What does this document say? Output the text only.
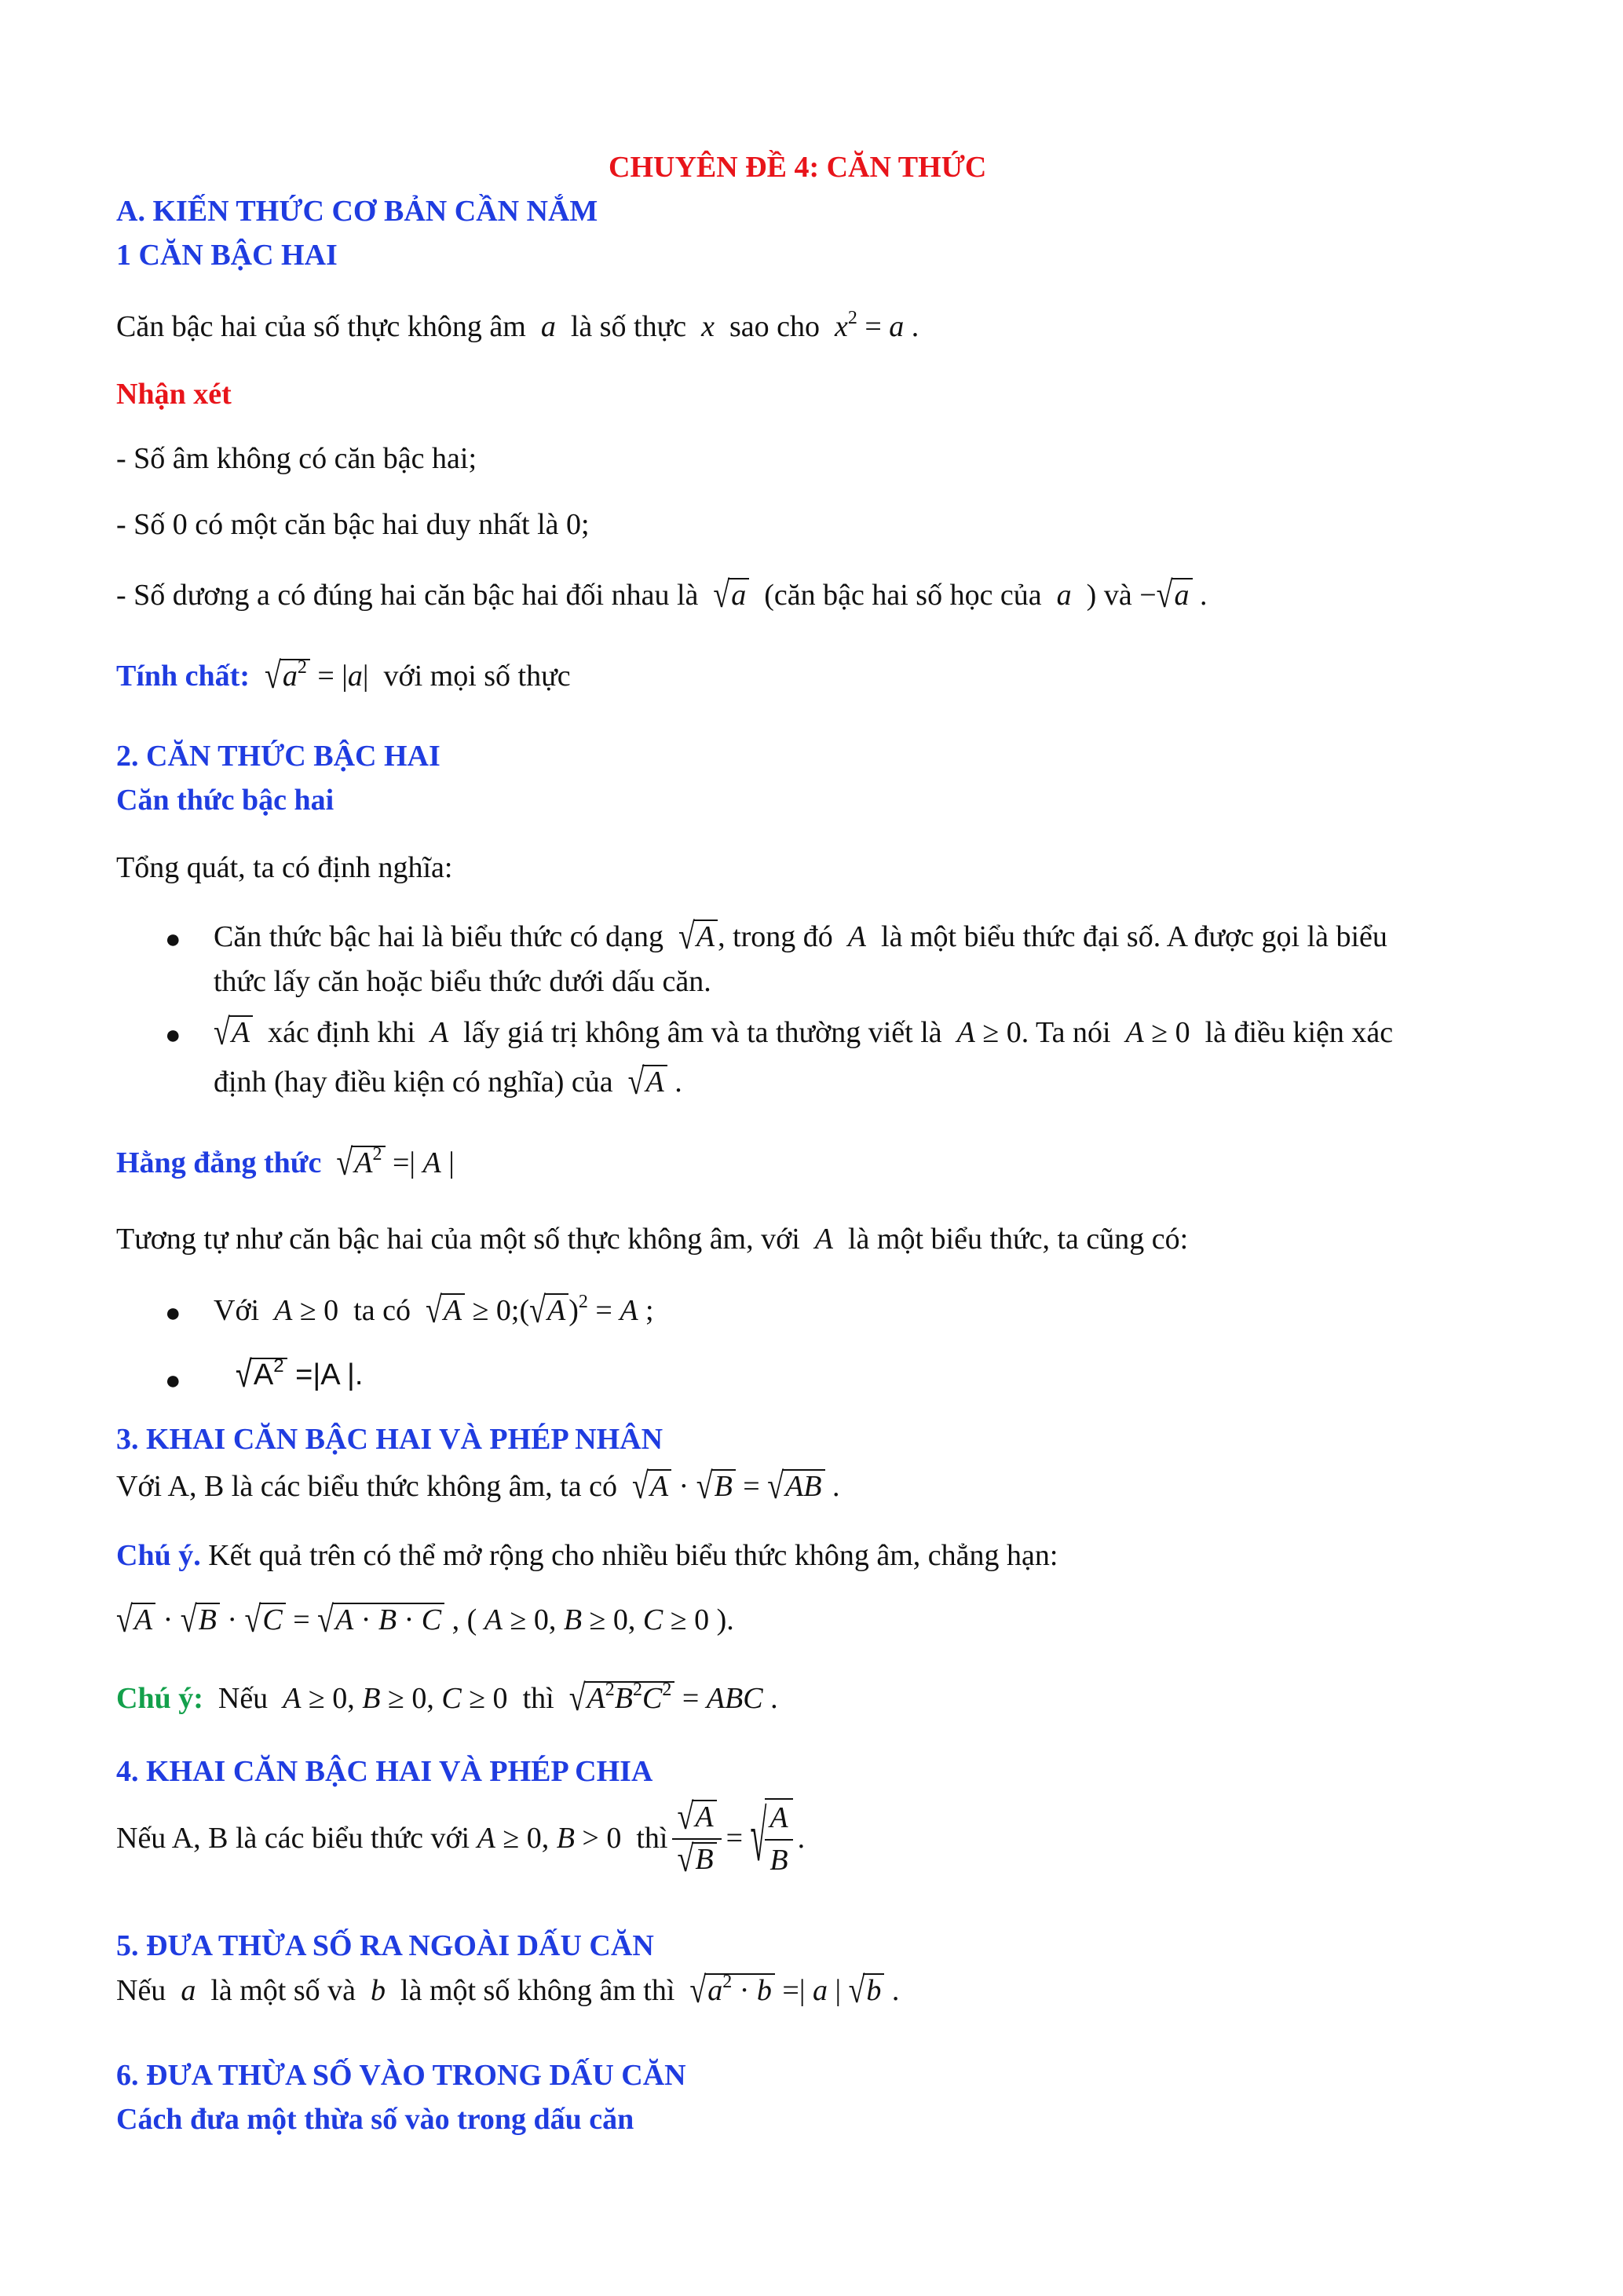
CHUYÊN ĐỀ 4: CĂN THỨC
A. KIẾN THỨC CƠ BẢN CẦN NẮM
1 CĂN BẬC HAI
Căn bậc hai của số thực không âm a là số thực x sao cho $x^2 = a$ .
Nhận xét
- Số âm không có căn bậc hai;
- Số 0 có một căn bậc hai duy nhất là 0;
- Số dương a có đúng hai căn bậc hai đối nhau là √a (căn bậc hai số học của a ) và −√a .
Tính chất: $√a^2 = |a|$  với mọi số thực
2. CĂN THỨC BẬC HAI
Căn thức bậc hai
Tổng quát, ta có định nghĩa:
● Căn thức bậc hai là biểu thức có dạng √A , trong đó A là một biểu thức đại số. A được gọi là biểu
thức lấy căn hoặc biểu thức dưới dấu căn.
● √A xác định khi A lấy giá trị không âm và ta thường viết là A ≥ 0. Ta nói A ≥ 0  là điều kiện xác
định (hay điều kiện có nghĩa) của √A .
Hằng đẳng thức $√A^2$ =| A |
Tương tự như căn bậc hai của một số thực không âm, với A là một biểu thức, ta cũng có:
● Với A ≥ 0  ta có √A ≥ 0;(√A )$^2$ = A ;
● $√A^2 =|A$ |.
3. KHAI CĂN BẬC HAI VÀ PHÉP NHÂN
Với A, B là các biểu thức không âm, ta có √A · √B = √AB .
Chú ý. Kết quả trên có thể mở rộng cho nhiều biểu thức không âm, chẳng hạn:
√A · √B · √C = √A · B · C , ( A ≥ 0, B ≥ 0, C ≥ 0 ).
Chú ý: Nếu A ≥ 0, B ≥ 0, C ≥ 0  thì $√A^2B^2C^2$ = ABC .
4. KHAI CĂN BẬC HAI VÀ PHÉP CHIA
Nếu A, B là các biểu thức với
A ≥ 0, B > 0 thì $\frac{√A}{√B}$ = √
$\frac{A}{B}$ .
5. ĐƯA THỪA SỐ RA NGOÀI DẤU CĂN
Nếu a là một số và b là một số không âm thì $√a^2 \cdot b$ =| a | √b .
6. ĐƯA THỪA SỐ VÀO TRONG DẤU CĂN
Cách đưa một thừa số vào trong dấu căn
